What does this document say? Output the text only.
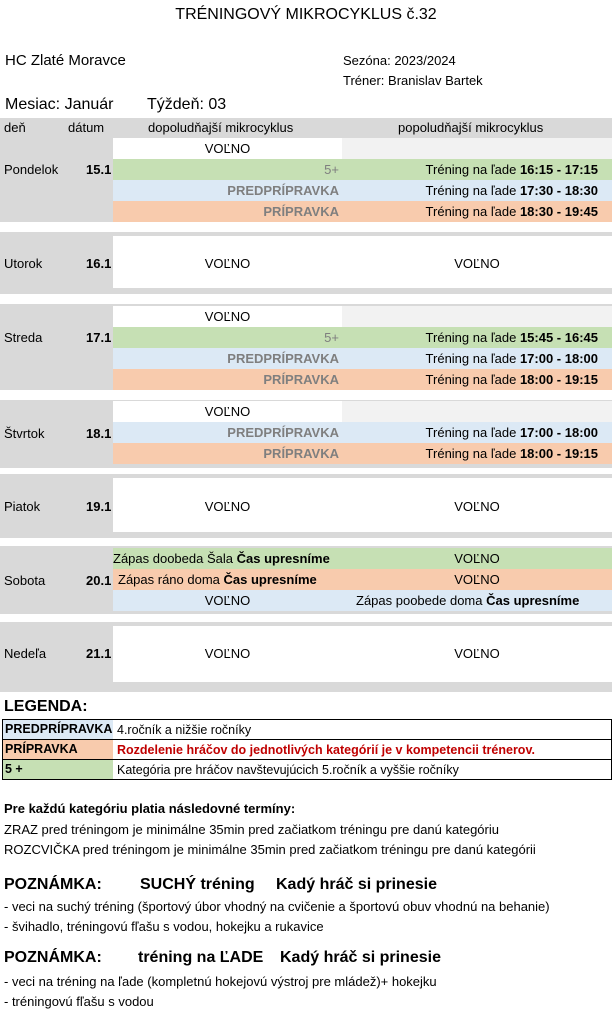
TRÉNINGOVÝ MIKROCYKLUS č.32
HC Zlaté Moravce	Sezóna: 2023/2024
Tréner: Branislav Bartek
Mesiac: Január Týždeň: 03
deň	dátum	dopoludňajší mikrocyklus	popoludňajší mikrocyklus
Pondelok 15.1
VOĽNO
5+	Tréning na ľade 16:15 - 17:15
PREDPRÍPRAVKA	Tréning na ľade 17:30 - 18:30
PRÍPRAVKA	Tréning na ľade 18:30 - 19:45
Utorok	16.1	VOĽNO	VOĽNO
Streda	17.1
VOĽNO
5+	Tréning na ľade 15:45 - 16:45
PREDPRÍPRAVKA	Tréning na ľade 17:00 - 18:00
PRÍPRAVKA	Tréning na ľade 18:00 - 19:15
Štvrtok	18.1
VOĽNO
PREDPRÍPRAVKA	Tréning na ľade 17:00 - 18:00
PRÍPRAVKA	Tréning na ľade 18:00 - 19:15
Piatok	19.1	VOĽNO	VOĽNO
Sobota	20.1
Zápas doobeda Šala Čas upresníme	VOĽNO
Zápas ráno doma Čas upresníme	VOĽNO
VOĽNO	Zápas poobede doma Čas upresníme
Nedeľa	21.1	VOĽNO	VOĽNO
LEGENDA:
PREDPRÍPRAVKA 4.ročník a nižšie ročníky
PRÍPRAVKA	Rozdelenie hráčov do jednotlivých kategórií je v kompetencii trénerov.
5 +	Kategória pre hráčov navštevujúcich 5.ročník a vyššie ročníky
Pre každú kategóriu platia následovné termíny:
ZRAZ pred tréningom je minimálne 35min pred začiatkom tréningu pre danú kategóriu
ROZCVIČKA pred tréningom je minimálne 35min pred začiatkom tréningu pre danú kategórii
POZNÁMKA: SUCHÝ tréning Kadý hráč si prinesie
- veci na suchý tréning (športový úbor vhodný na cvičenie a športovú obuv vhodnú na behanie)
- švihadlo, tréningovú fľašu s vodou, hokejku a rukavice
POZNÁMKA: tréning na ĽADE Kadý hráč si prinesie
- veci na tréning na ľade (kompletnú hokejovú výstroj pre mládež)+ hokejku
- tréningovú fľašu s vodou
